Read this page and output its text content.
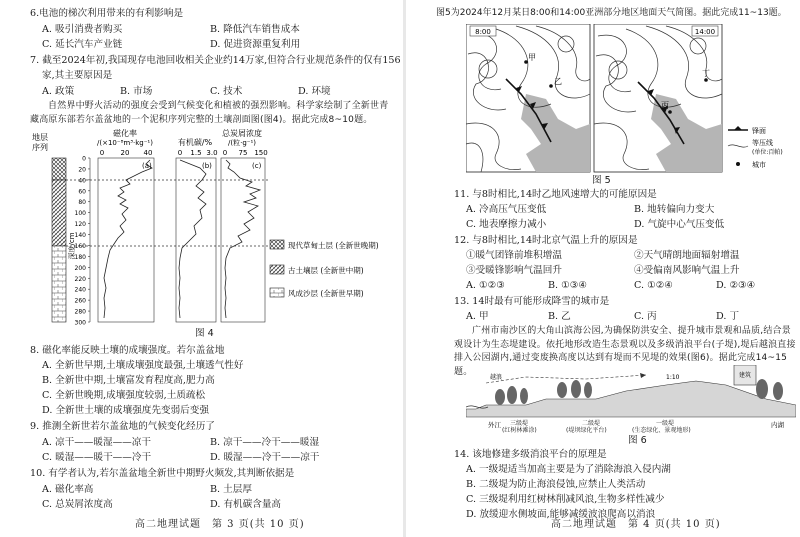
6.电池的梯次利用带来的有利影响是
A. 吸引消费者购买	B. 降低汽车销售成本
C. 延长汽车产业链	D. 促进资源重复利用
7. 截至2024年初,我国现存电池回收相关企业约14万家,但符合行业规范条件的仅有156
家,其主要原因是
A. 政策	B. 市场	C. 技术	D. 环境
自然界中野火活动的强度会受到气候变化和植被的强烈影响。科学家绘制了全新世青藏高原东部若尔盖盆地的一个泥积序列完整的土壤剖面图(图4)。据此完成8~10题。
地层
序列
磁化率
/(×10⁻⁸m³·kg⁻¹)	有机碳/%
总炭屑浓度
/(粒·g⁻¹)
0 20 40	0 1.5 3.0 0 75 150
(a)	(b)	(c)
0
20
40
60
80
100
120
140
160
180
200
220
240
260
280
300
深度/cm	现代草甸土层 (全新世晚期)
古土壤层 (全新世中期)
风成沙层 (全新世早期)
图 4
8. 磁化率能反映土壤的成壤强度。若尔盖盆地
A. 全新世早期,土壤成壤强度最强,土壤透气性好
B. 全新世中期,土壤富发育程度高,肥力高
C. 全新世晚期,成壤强度较弱,土质疏松
D. 全新世土壤的成壤强度先变弱后变强
9. 推测全新世若尔盖盆地的气候变化经历了
A. 凉干——暖湿——凉干	B. 凉干——冷干——暖湿
C. 暖湿——暖干——冷干	D. 暖湿——冷干——凉干
10. 有学者认为,若尔盖盆地全新世中期野火频发,其判断依据是
A. 磁化率高	B. 土层厚
C. 总炭屑浓度高	D. 有机碳含量高
高二地理试题　第 3 页(共 10 页)
图5为2024年12月某日8:00和14:00亚洲部分地区地面天气简图。据此完成11~13题。
8:00
乙
甲
14:00
丙
丁
锋面
等压线
(单位:百帕)
城市
图 5
11. 与8时相比,14时乙地风速增大的可能原因是
A. 冷高压气压变低	B. 地转偏向力变大
C. 地表摩擦力减小	D. 气旋中心气压变低
12. 与8时相比,14时北京气温上升的原因是
①暖气团锋前堆积增温	②天气晴朗地面辐射增温
③受暖锋影响气温回升	④受偏南风影响气温上升
A. ①②③	B. ①③④	C. ①②④	D. ②③④
13. 14时最有可能形成降雪的城市是
A. 甲	B. 乙	C. 丙	D. 丁
广州市南沙区的大角山滨海公园,为确保防洪安全、提升城市景观和品质,结合景观设计为生态堤建设。依托地形改造生态景观以及多级消浪平台(子堤),堤后越浪直接排入公园湖内,通过变废换高度以达到有堤而不见堤的效果(图6)。据此完成14~15题。	建筑
越浪	1:10
外江	内湖
三级堤
(红树林滩涂)
二级堤
(堤坝绿化平台)
一级堤
(生态绿化、景观地形)
图 6
14. 该地修建多级消浪平台的原理是
A. 一级堤适当加高主要是为了消除海浪入侵内湖
B. 二级堤为防止海浪侵蚀,应禁止人类活动
C. 三级堤利用红树林削减风浪,生物多样性减少
D. 放缓迎水侧坡面,能够减缓波浪爬高以消浪
高二地理试题　第 4 页(共 10 页)
